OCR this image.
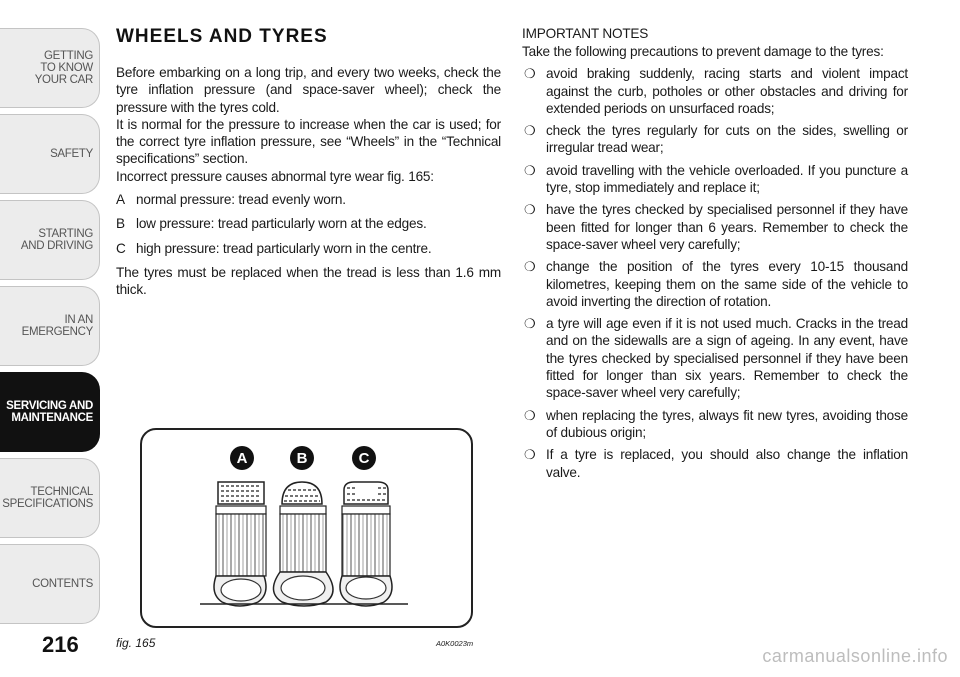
GETTING
TO KNOW
YOUR CAR
SAFETY
STARTING
AND DRIVING
IN AN
EMERGENCY
SERVICING AND
MAINTENANCE
TECHNICAL
SPECIFICATIONS
CONTENTS
216
WHEELS AND TYRES

Before embarking on a long trip, and every two weeks, check the tyre inflation pressure (and space-saver wheel); check the pressure with the tyres cold.

It is normal for the pressure to increase when the car is used; for the correct tyre inflation pressure, see “Wheels” in the “Technical specifications” section.

Incorrect pressure causes abnormal tyre wear fig. 165:

A normal pressure: tread evenly worn.
B low pressure: tread particularly worn at the edges.
C high pressure: tread particularly worn in the centre.

The tyres must be replaced when the tread is less than 1.6 mm thick.

A	B	C
fig. 165	A0K0023m

IMPORTANT NOTES

Take the following precautions to prevent damage to the tyres:

❍ avoid braking suddenly, racing starts and violent impact against the curb, potholes or other obstacles and driving for extended periods on unsurfaced roads;
❍ check the tyres regularly for cuts on the sides, swelling or irregular tread wear;
❍ avoid travelling with the vehicle overloaded. If you puncture a tyre, stop immediately and replace it;
❍ have the tyres checked by specialised personnel if they have been fitted for longer than 6 years. Remember to check the space-saver wheel very carefully;
❍ change the position of the tyres every 10-15 thousand kilometres, keeping them on the same side of the vehicle to avoid inverting the direction of rotation.
❍ a tyre will age even if it is not used much. Cracks in the tread and on the sidewalls are a sign of ageing. In any event, have the tyres checked by specialised personnel if they have been fitted for longer than six years. Remember to check the space-saver wheel very carefully;
❍ when replacing the tyres, always fit new tyres, avoiding those of dubious origin;
❍ If a tyre is replaced, you should also change the inflation valve.
carmanualsonline.info
